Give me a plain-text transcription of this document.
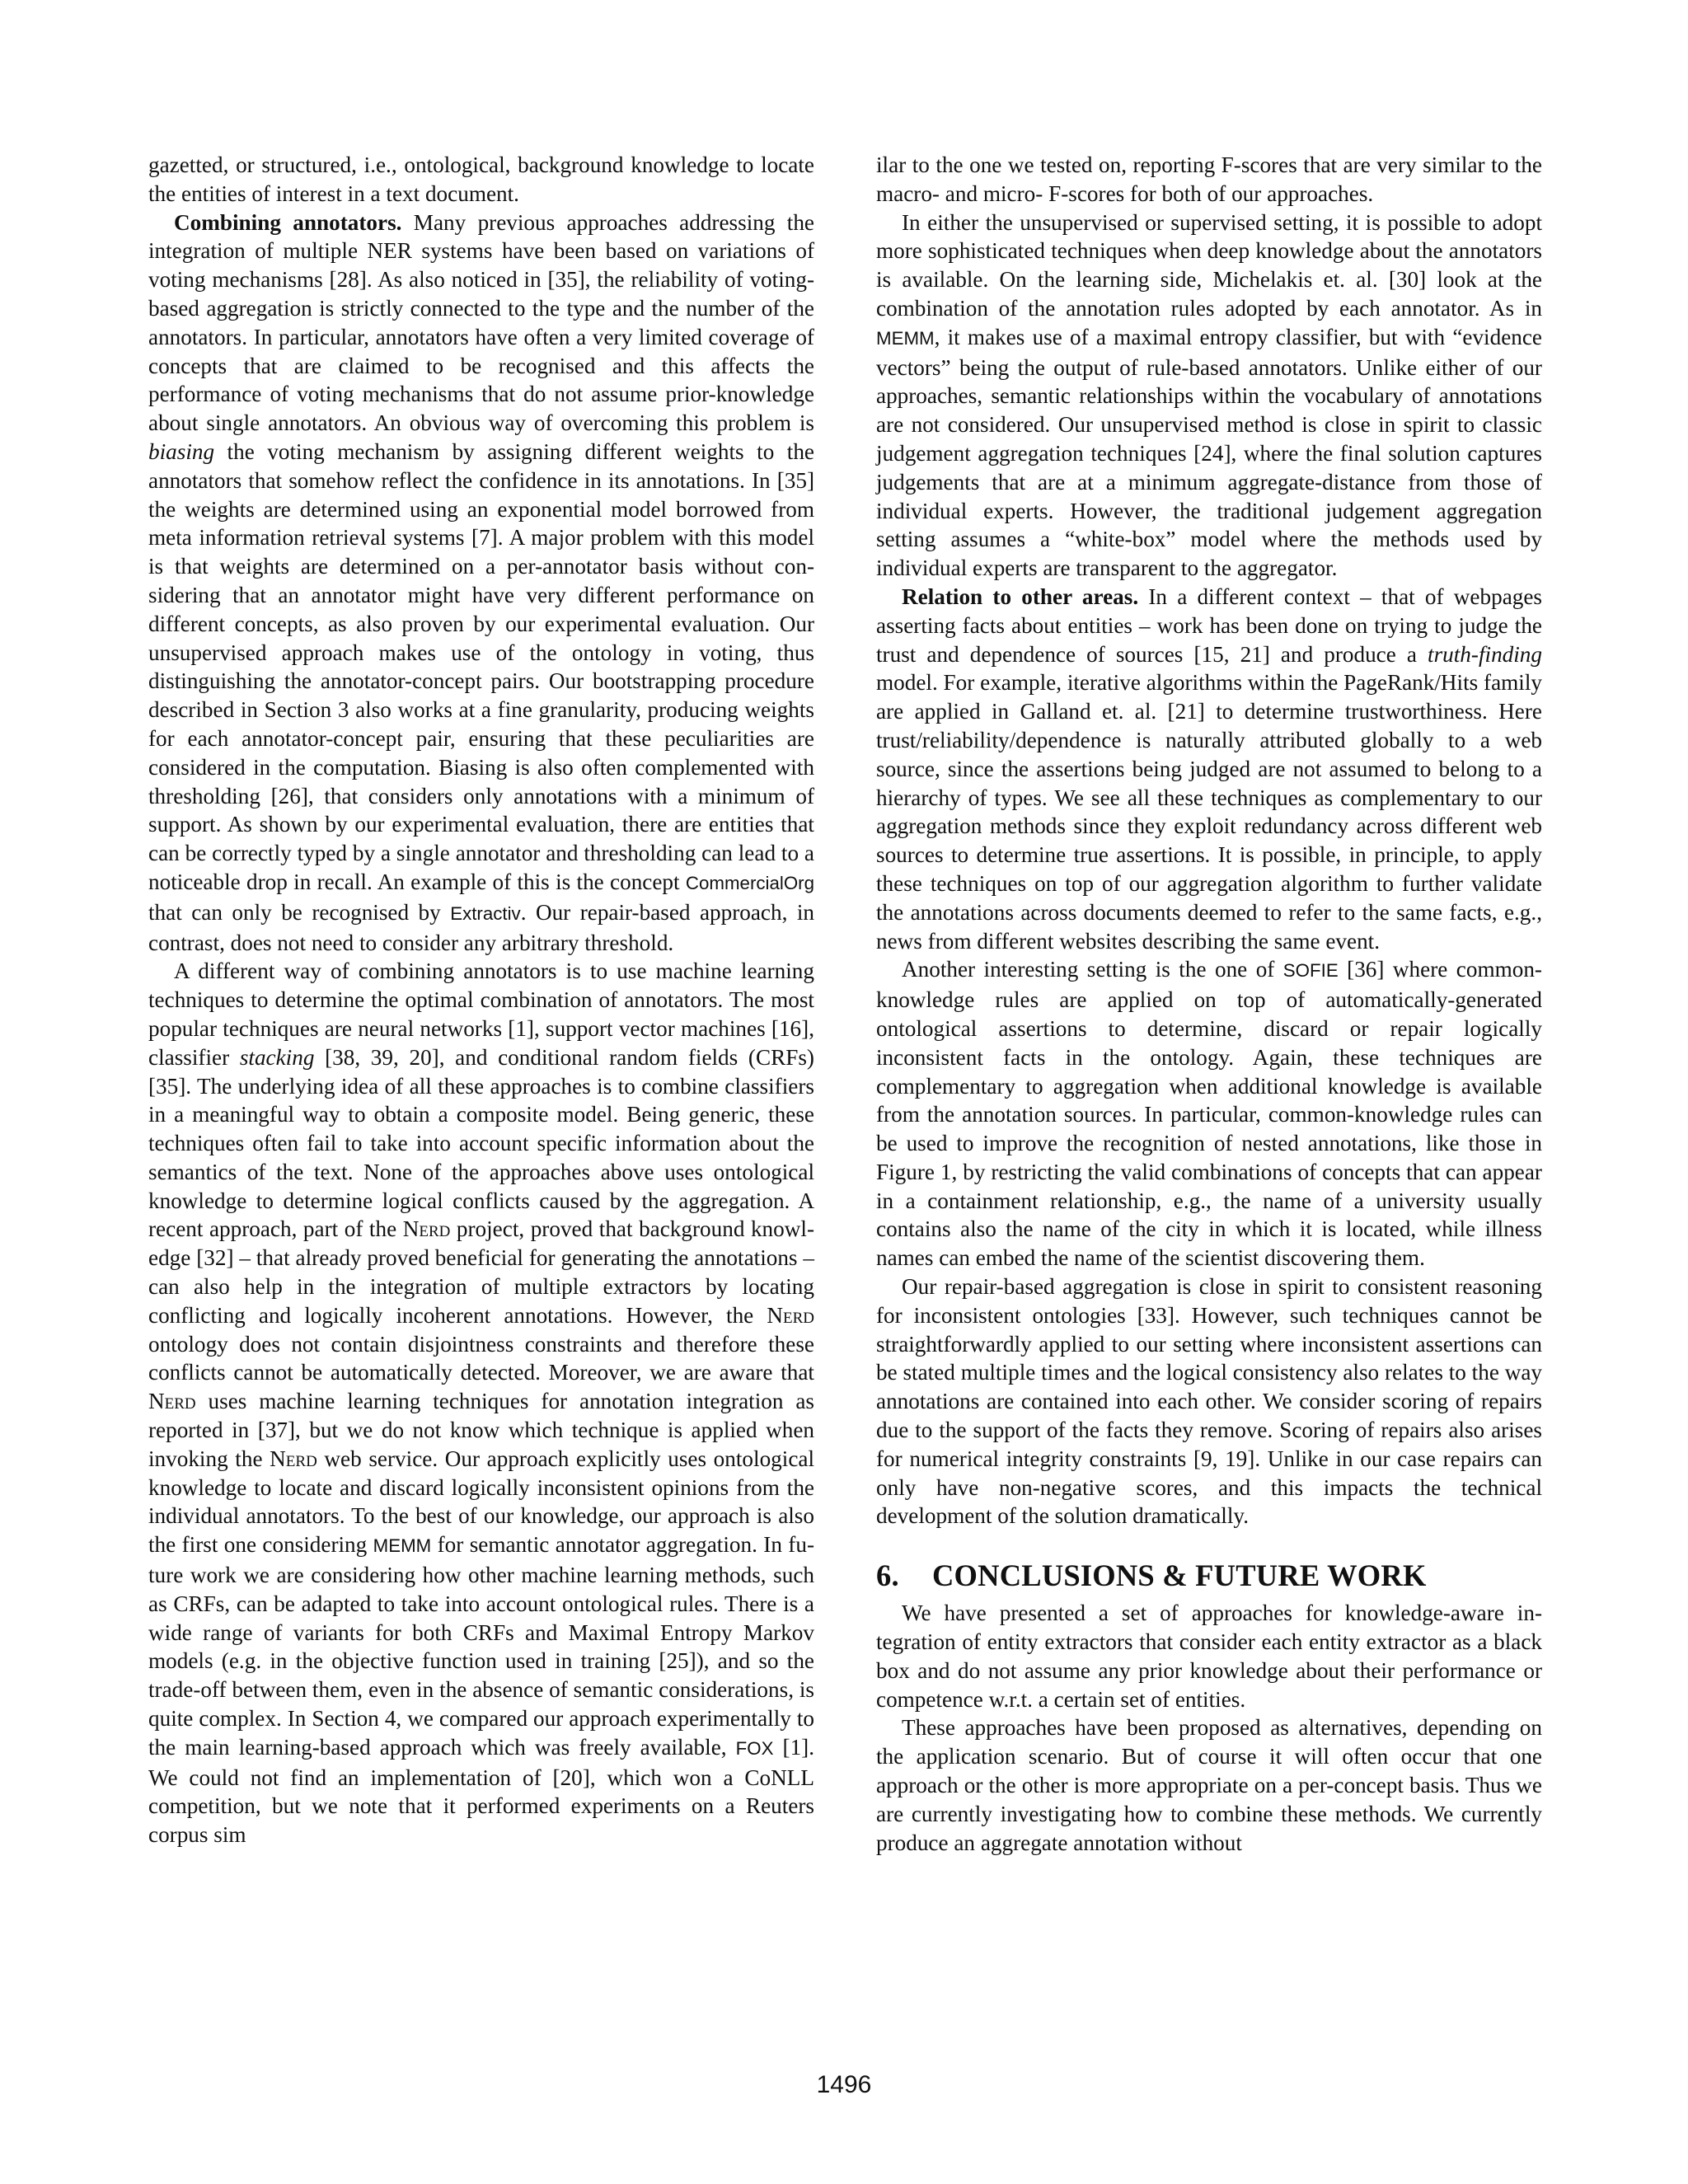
gazetted, or structured, i.e., ontological, background knowledge to locate the entities of interest in a text document.

Combining annotators. Many previous approaches addressing the integration of multiple NER systems have been based on variations of voting mechanisms [28]. As also noticed in [35], the reliability of voting-based aggregation is strictly connected to the type and the number of the annotators. In particular, annotators have often a very limited coverage of concepts that are claimed to be recognised and this affects the performance of voting mechanisms that do not assume prior-knowledge about single annotators. An obvious way of overcoming this problem is biasing the voting mechanism by assigning different weights to the annotators that somehow reflect the confidence in its annotations. In [35] the weights are determined using an exponential model borrowed from meta information retrieval systems [7]. A major problem with this model is that weights are determined on a per-annotator basis without considering that an annotator might have very different performance on different concepts, as also proven by our experimental evaluation. Our unsupervised approach makes use of the ontology in voting, thus distinguishing the annotator-concept pairs. Our bootstrapping procedure described in Section 3 also works at a fine granularity, producing weights for each annotator-concept pair, ensuring that these peculiarities are considered in the computation. Biasing is also often complemented with thresholding [26], that considers only annotations with a minimum of support. As shown by our experimental evaluation, there are entities that can be correctly typed by a single annotator and thresholding can lead to a noticeable drop in recall. An example of this is the concept CommercialOrg that can only be recognised by Extractiv. Our repair-based approach, in contrast, does not need to consider any arbitrary threshold.

A different way of combining annotators is to use machine learning techniques to determine the optimal combination of annotators. The most popular techniques are neural networks [1], support vector machines [16], classifier stacking [38, 39, 20], and conditional random fields (CRFs) [35]. The underlying idea of all these approaches is to combine classifiers in a meaningful way to obtain a composite model. Being generic, these techniques often fail to take into account specific information about the semantics of the text. None of the approaches above uses ontological knowledge to determine logical conflicts caused by the aggregation. A recent approach, part of the Nerd project, proved that background knowledge [32] – that already proved beneficial for generating the annotations – can also help in the integration of multiple extractors by locating conflicting and logically incoherent annotations. However, the Nerd ontology does not contain disjointness constraints and therefore these conflicts cannot be automatically detected. Moreover, we are aware that Nerd uses machine learning techniques for annotation integration as reported in [37], but we do not know which technique is applied when invoking the Nerd web service. Our approach explicitly uses ontological knowledge to locate and discard logically inconsistent opinions from the individual annotators. To the best of our knowledge, our approach is also the first one considering MEMM for semantic annotator aggregation. In future work we are considering how other machine learning methods, such as CRFs, can be adapted to take into account ontological rules. There is a wide range of variants for both CRFs and Maximal Entropy Markov models (e.g. in the objective function used in training [25]), and so the trade-off between them, even in the absence of semantic considerations, is quite complex. In Section 4, we compared our approach experimentally to the main learning-based approach which was freely available, FOX [1]. We could not find an implementation of [20], which won a CoNLL competition, but we note that it performed experiments on a Reuters corpus sim

ilar to the one we tested on, reporting F-scores that are very similar to the macro- and micro- F-scores for both of our approaches.

In either the unsupervised or supervised setting, it is possible to adopt more sophisticated techniques when deep knowledge about the annotators is available. On the learning side, Michelakis et. al. [30] look at the combination of the annotation rules adopted by each annotator. As in MEMM, it makes use of a maximal entropy classifier, but with “evidence vectors” being the output of rule-based annotators. Unlike either of our approaches, semantic relationships within the vocabulary of annotations are not considered. Our unsupervised method is close in spirit to classic judgement aggregation techniques [24], where the final solution captures judgements that are at a minimum aggregate-distance from those of individual experts. However, the traditional judgement aggregation setting assumes a “white-box” model where the methods used by individual experts are transparent to the aggregator.

Relation to other areas. In a different context – that of webpages asserting facts about entities – work has been done on trying to judge the trust and dependence of sources [15, 21] and produce a truth-finding model. For example, iterative algorithms within the PageRank/Hits family are applied in Galland et. al. [21] to determine trustworthiness. Here trust/reliability/dependence is naturally attributed globally to a web source, since the assertions being judged are not assumed to belong to a hierarchy of types. We see all these techniques as complementary to our aggregation methods since they exploit redundancy across different web sources to determine true assertions. It is possible, in principle, to apply these techniques on top of our aggregation algorithm to further validate the annotations across documents deemed to refer to the same facts, e.g., news from different websites describing the same event.

Another interesting setting is the one of SOFIE [36] where common-knowledge rules are applied on top of automatically-generated ontological assertions to determine, discard or repair logically inconsistent facts in the ontology. Again, these techniques are complementary to aggregation when additional knowledge is available from the annotation sources. In particular, common-knowledge rules can be used to improve the recognition of nested annotations, like those in Figure 1, by restricting the valid combinations of concepts that can appear in a containment relationship, e.g., the name of a university usually contains also the name of the city in which it is located, while illness names can embed the name of the scientist discovering them.

Our repair-based aggregation is close in spirit to consistent reasoning for inconsistent ontologies [33]. However, such techniques cannot be straightforwardly applied to our setting where inconsistent assertions can be stated multiple times and the logical consistency also relates to the way annotations are contained into each other. We consider scoring of repairs due to the support of the facts they remove. Scoring of repairs also arises for numerical integrity constraints [9, 19]. Unlike in our case repairs can only have non-negative scores, and this impacts the technical development of the solution dramatically.

6. CONCLUSIONS & FUTURE WORK

We have presented a set of approaches for knowledge-aware integration of entity extractors that consider each entity extractor as a black box and do not assume any prior knowledge about their performance or competence w.r.t. a certain set of entities.

These approaches have been proposed as alternatives, depending on the application scenario. But of course it will often occur that one approach or the other is more appropriate on a per-concept basis. Thus we are currently investigating how to combine these methods. We currently produce an aggregate annotation without

1496
